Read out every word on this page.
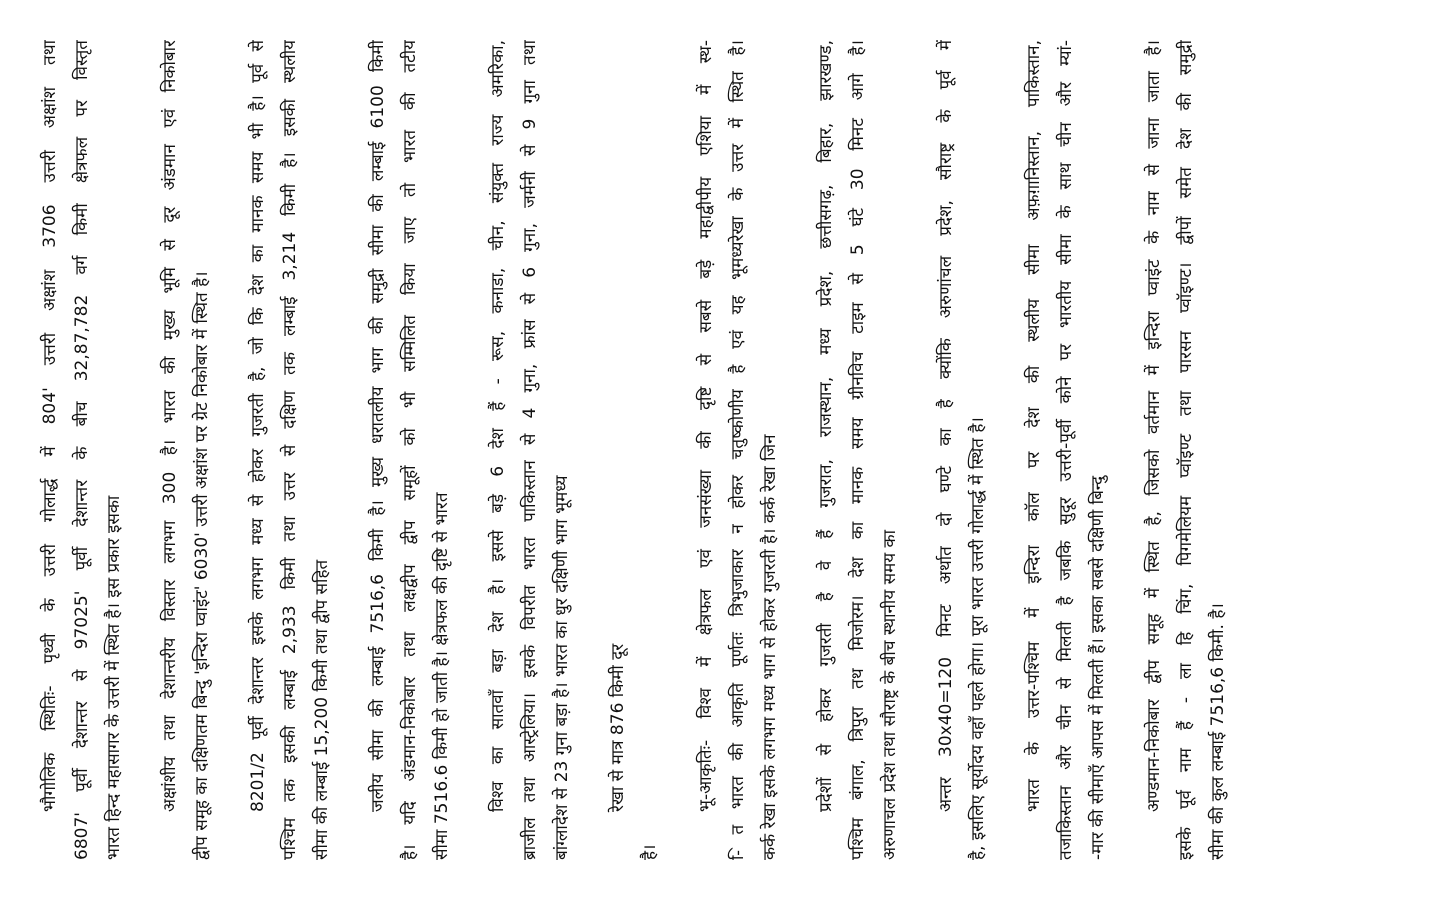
भौगोलिक स्थितिः- पृथ्वी के उत्तरी गोलार्द्ध में 804' उत्तरी अक्षांश 3706 उत्तरी अक्षांश तथा 6807' पूर्वी देशान्तर से 97025' पूर्वी देशान्तर के बीच 32,87,782 वर्ग किमी क्षेत्रफल पर विस्तृत भारत हिन्द महासागर के उत्तरी में स्थित है। इस प्रकार इसका	अक्षांशीय तथा देशान्तरीय विस्तार लगभग 300 है। भारत की मुख्य भूमि से दूर अंडमान एवं निकोबार द्वीप समूह का दक्षिणतम बिन्दु 'इन्दिरा प्वाइंट' 6030' उत्तरी अक्षांश पर ग्रेट निकोबार में स्थित है।	8201/2 पूर्वी देशान्तर इसके लगभग मध्य से होकर गुजरती है, जो कि देश का मानक समय भी है। पूर्व से पश्चिम तक इसकी लम्बाई 2,933 किमी तथा उत्तर से दक्षिण तक लम्बाई 3,214 किमी है। इसकी स्थलीय सीमा की लम्बाई 15,200 किमी तथा द्वीप सहित	जलीय सीमा की लम्बाई 7516,6 किमी है। मुख्य धरातलीय भाग की समुद्री सीमा की लम्बाई 6100 किमी है। यदि अंडमान-निकोबार तथा लक्षद्वीप द्वीप समूहों को भी सम्मिलित किया जाए तो भारत की तटीय सीमा 7516.6 किमी हो जाती है। क्षेत्रफल की दृष्टि से भारत	विश्व का सातवाँ बड़ा देश है। इससे बड़े 6 देश हैं - रूस, कनाडा, चीन, संयुक्त राज्य अमरिका, ब्राजील तथा आस्ट्रेलिया। इसके विपरीत भारत पाकिस्तान से 4 गुना, फ्रांस से 6 गुना, जर्मनी से 9 गुना तथा बांग्लादेश से 23 गुना बड़ा है। भारत का धुर दक्षिणी भाग भूमध्य	रेखा से मात्र 876 किमी दूर
है।
भू-आकृतिः- विश्व में क्षेत्रफल एवं जनसंख्या की दृष्टि से सबसे बड़े महाद्वीपीय एशिया में स्थ- -ि त भारत की आकृति पूर्णतः त्रिभुजाकार न होकर चतुष्कोणीय है एवं यह भूमध्यरेखा के उत्तर में स्थित है। कर्क रेखा इसके लगभग मध्य भाग से होकर गुजरती है। कर्क रेखा जिन	प्रदेशों से होकर गुजरती है वे हैं गुजरात, राजस्थान, मध्य प्रदेश, छत्तीसगढ़, बिहार, झारखण्ड, पश्चिम बंगाल, त्रिपुरा तथ मिजोरम। देश का मानक समय ग्रीनविच टाइम से 5 घंटे 30 मिनट आगे है। अरुणाचल प्रदेश तथा सौराष्ट्र के बीच स्थानीय समय का	अन्तर 30x40=120 मिनट अर्थात दो घण्टे का है क्योंकि अरुणांचल प्रदेश, सौराष्ट्र के पूर्व में है, इसलिए सूर्योदय वहाँ पहले होगा। पूरा भारत उत्तरी गोलार्द्ध में स्थित है।	भारत के उत्तर-पश्चिम में इन्दिरा कॉल पर देश की स्थलीय सीमा अफ़ग़ानिस्तान, पाकिस्तान, तजाकिस्तान और चीन से मिलती है जबकि सुदूर उत्तरी-पूर्वी कोने पर भारतीय सीमा के साथ चीन और म्यां- -मार की सीमाएँ आपस में मिलती हैं। इसका सबसे दक्षिणी बिन्दु	अण्डमान-निकोबार द्वीप समूह में स्थित है, जिसको वर्तमान में इन्दिरा प्वाइंट के नाम से जाना जाता है। इसके पूर्व नाम हैं - ला हि चिंग, पिगमेलियम प्वॉइण्ट तथा पारसन प्वॉइण्ट। द्वीपों समेत देश की समुद्री सीमा की कुल लम्बाई 7516,6 किमी. है।
